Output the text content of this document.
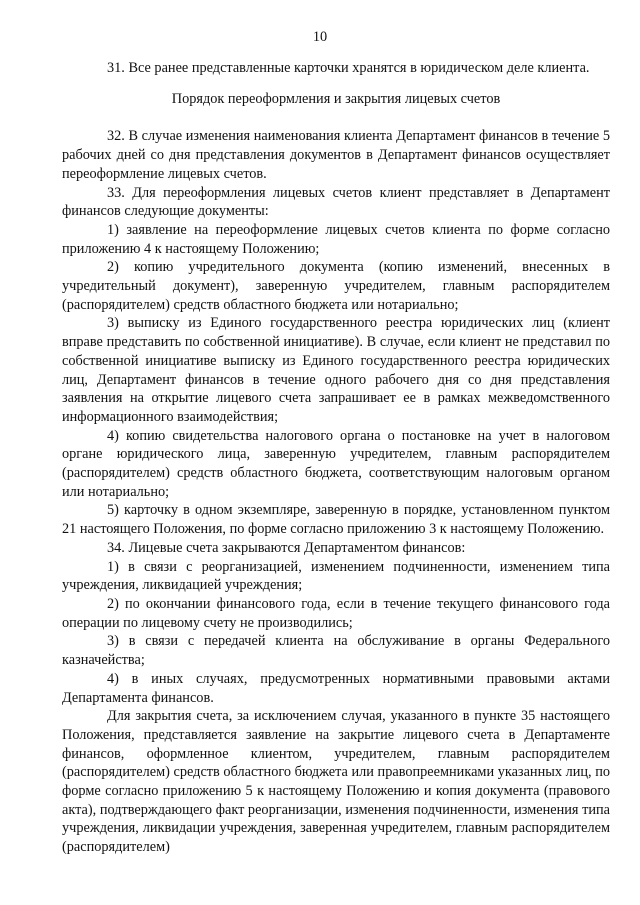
10

31. Все ранее представленные карточки хранятся в юридическом деле клиента.

Порядок переоформления и закрытия лицевых счетов

32. В случае изменения наименования клиента Департамент финансов в течение 5 рабочих дней со дня представления документов в Департамент финансов осуществляет переоформление лицевых счетов.

33. Для переоформления лицевых счетов клиент представляет в Департамент финансов следующие документы:

1) заявление на переоформление лицевых счетов клиента по форме согласно приложению 4 к настоящему Положению;

2) копию учредительного документа (копию изменений, внесенных в учредительный документ), заверенную учредителем, главным распорядителем (распорядителем) средств областного бюджета или нотариально;

3) выписку из Единого государственного реестра юридических лиц (клиент вправе представить по собственной инициативе). В случае, если клиент не представил по собственной инициативе выписку из Единого государственного реестра юридических лиц, Департамент финансов в течение одного рабочего дня со дня представления заявления на открытие лицевого счета запрашивает ее в рамках межведомственного информационного взаимодействия;

4) копию свидетельства налогового органа о постановке на учет в налоговом органе юридического лица, заверенную учредителем, главным распорядителем (распорядителем) средств областного бюджета, соответствующим налоговым органом или нотариально;

5) карточку в одном экземпляре, заверенную в порядке, установленном пунктом 21 настоящего Положения, по форме согласно приложению 3 к настоящему Положению.

34. Лицевые счета закрываются Департаментом финансов:

1) в связи с реорганизацией, изменением подчиненности, изменением типа учреждения, ликвидацией учреждения;

2) по окончании финансового года, если в течение текущего финансового года операции по лицевому счету не производились;

3) в связи с передачей клиента на обслуживание в органы Федерального казначейства;

4) в иных случаях, предусмотренных нормативными правовыми актами Департамента финансов.

Для закрытия счета, за исключением случая, указанного в пункте 35 настоящего Положения, представляется заявление на закрытие лицевого счета в Департаменте финансов, оформленное клиентом, учредителем, главным распорядителем (распорядителем) средств областного бюджета или правопреемниками указанных лиц, по форме согласно приложению 5 к настоящему Положению и копия документа (правового акта), подтверждающего факт реорганизации, изменения подчиненности, изменения типа учреждения, ликвидации учреждения, заверенная учредителем, главным распорядителем (распорядителем)
